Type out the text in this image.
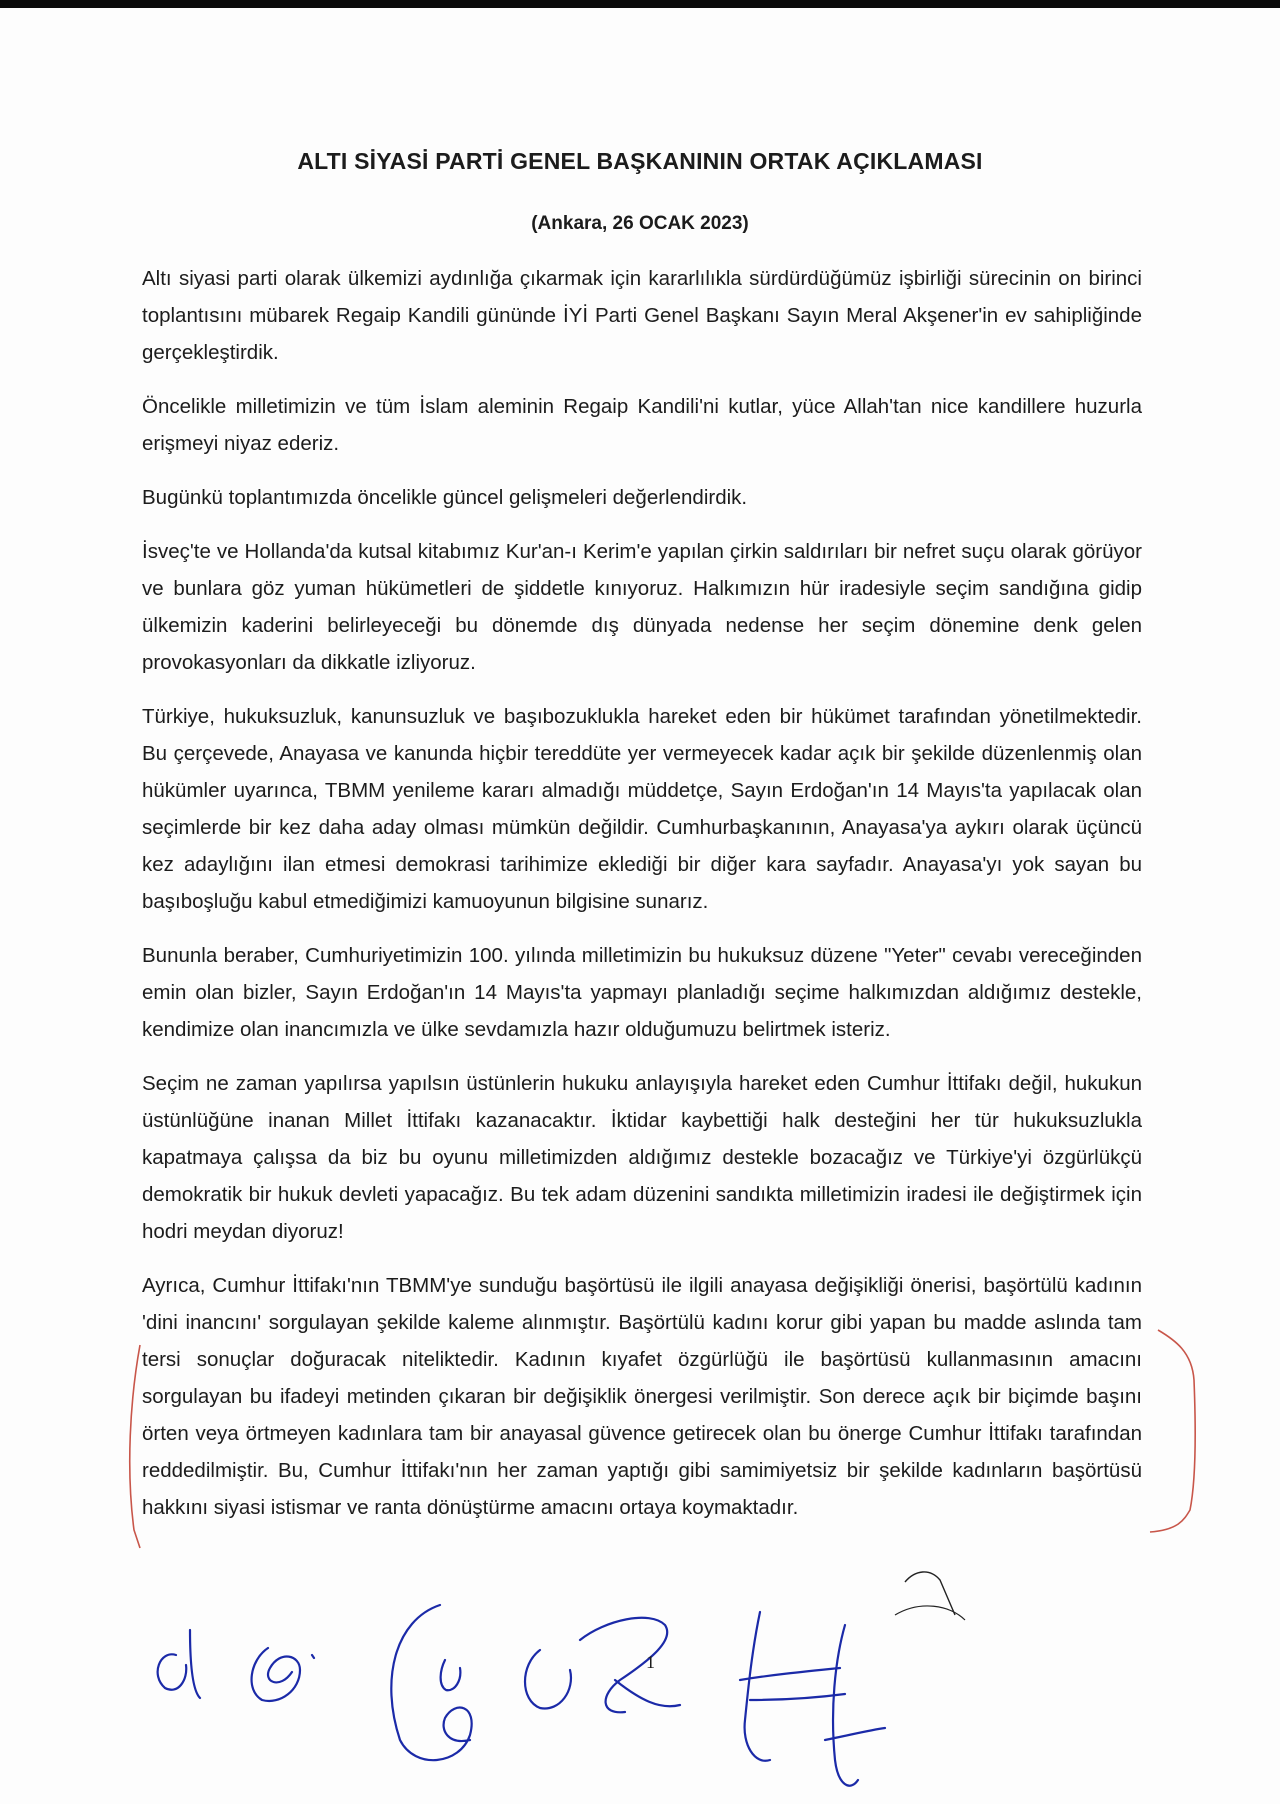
ALTI SİYASİ PARTİ GENEL BAŞKANININ ORTAK AÇIKLAMASI
(Ankara, 26 OCAK 2023)

Altı siyasi parti olarak ülkemizi aydınlığa çıkarmak için kararlılıkla sürdürdüğümüz işbirliği sürecinin on birinci toplantısını mübarek Regaip Kandili gününde İYİ Parti Genel Başkanı Sayın Meral Akşener'in ev sahipliğinde gerçekleştirdik.

Öncelikle milletimizin ve tüm İslam aleminin Regaip Kandili'ni kutlar, yüce Allah'tan nice kandillere huzurla erişmeyi niyaz ederiz.

Bugünkü toplantımızda öncelikle güncel gelişmeleri değerlendirdik.

İsveç'te ve Hollanda'da kutsal kitabımız Kur'an-ı Kerim'e yapılan çirkin saldırıları bir nefret suçu olarak görüyor ve bunlara göz yuman hükümetleri de şiddetle kınıyoruz. Halkımızın hür iradesiyle seçim sandığına gidip ülkemizin kaderini belirleyeceği bu dönemde dış dünyada nedense her seçim dönemine denk gelen provokasyonları da dikkatle izliyoruz.

Türkiye, hukuksuzluk, kanunsuzluk ve başıbozuklukla hareket eden bir hükümet tarafından yönetilmektedir. Bu çerçevede, Anayasa ve kanunda hiçbir tereddüte yer vermeyecek kadar açık bir şekilde düzenlenmiş olan hükümler uyarınca, TBMM yenileme kararı almadığı müddetçe, Sayın Erdoğan'ın 14 Mayıs'ta yapılacak olan seçimlerde bir kez daha aday olması mümkün değildir. Cumhurbaşkanının, Anayasa'ya aykırı olarak üçüncü kez adaylığını ilan etmesi demokrasi tarihimize eklediği bir diğer kara sayfadır. Anayasa'yı yok sayan bu başıboşluğu kabul etmediğimizi kamuoyunun bilgisine sunarız.

Bununla beraber, Cumhuriyetimizin 100. yılında milletimizin bu hukuksuz düzene "Yeter" cevabı vereceğinden emin olan bizler, Sayın Erdoğan'ın 14 Mayıs'ta yapmayı planladığı seçime halkımızdan aldığımız destekle, kendimize olan inancımızla ve ülke sevdamızla hazır olduğumuzu belirtmek isteriz.

Seçim ne zaman yapılırsa yapılsın üstünlerin hukuku anlayışıyla hareket eden Cumhur İttifakı değil, hukukun üstünlüğüne inanan Millet İttifakı kazanacaktır. İktidar kaybettiği halk desteğini her tür hukuksuzlukla kapatmaya çalışsa da biz bu oyunu milletimizden aldığımız destekle bozacağız ve Türkiye'yi özgürlükçü demokratik bir hukuk devleti yapacağız. Bu tek adam düzenini sandıkta milletimizin iradesi ile değiştirmek için hodri meydan diyoruz!

Ayrıca, Cumhur İttifakı'nın TBMM'ye sunduğu başörtüsü ile ilgili anayasa değişikliği önerisi, başörtülü kadının 'dini inancını' sorgulayan şekilde kaleme alınmıştır. Başörtülü kadını korur gibi yapan bu madde aslında tam tersi sonuçlar doğuracak niteliktedir. Kadının kıyafet özgürlüğü ile başörtüsü kullanmasının amacını sorgulayan bu ifadeyi metinden çıkaran bir değişiklik önergesi verilmiştir. Son derece açık bir biçimde başını örten veya örtmeyen kadınlara tam bir anayasal güvence getirecek olan bu önerge Cumhur İttifakı tarafından reddedilmiştir. Bu, Cumhur İttifakı'nın her zaman yaptığı gibi samimiyetsiz bir şekilde kadınların başörtüsü hakkını siyasi istismar ve ranta dönüştürme amacını ortaya koymaktadır.

1
